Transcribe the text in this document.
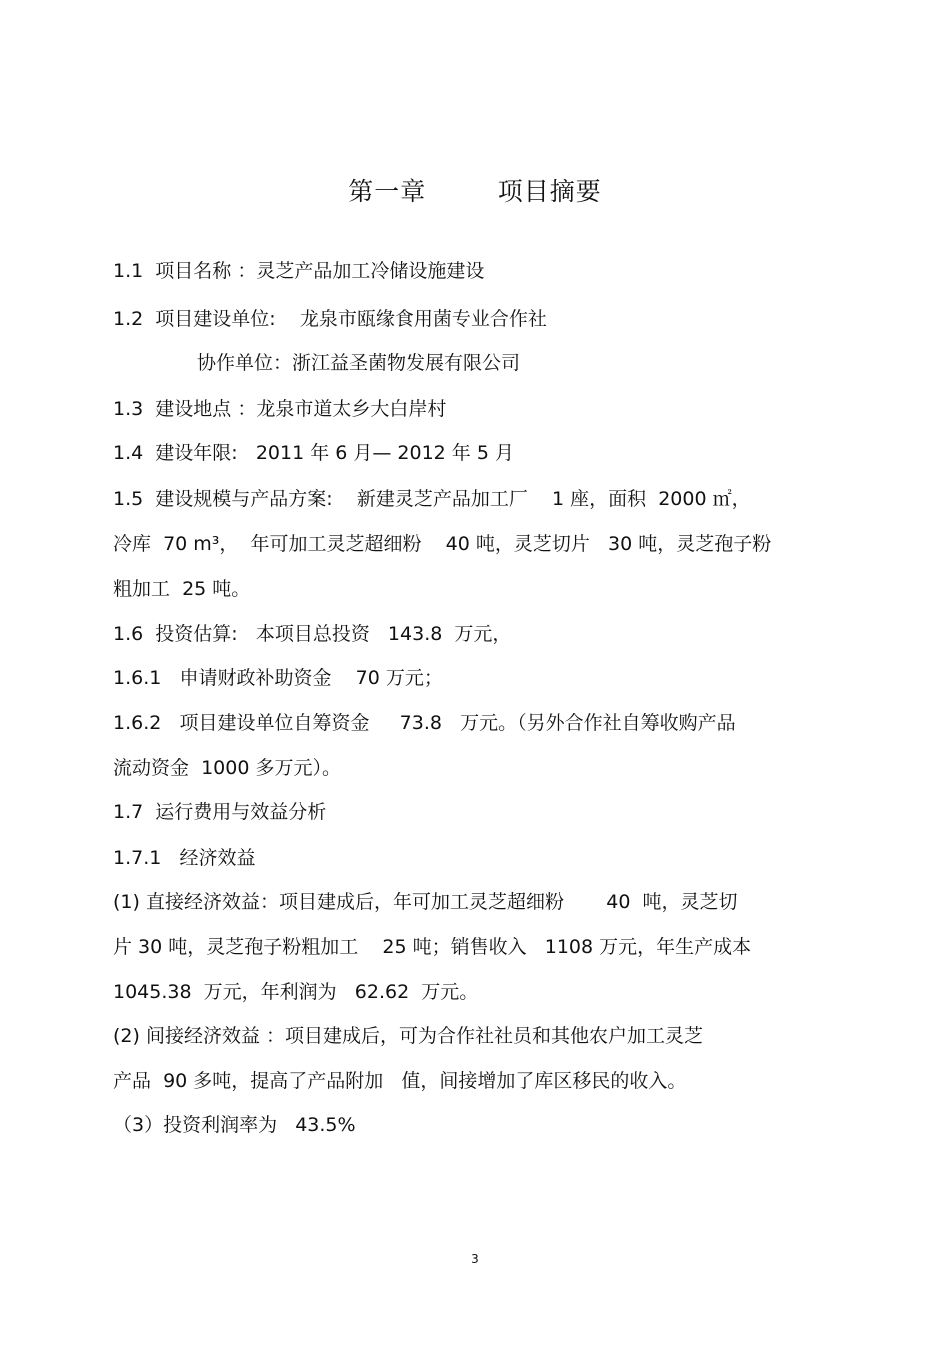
第一章        项目摘要
1.1  项目名称 ：灵芝产品加工冷储设施建设
1.2  项目建设单位:    龙泉市瓯缘食用菌专业合作社
协作单位：浙江益圣菌物发展有限公司
1.3  建设地点 ：龙泉市道太乡大白岸村
1.4  建设年限:   2011 年 6 月— 2012 年 5 月
1.5  建设规模与产品方案:    新建灵芝产品加工厂    1 座，面积  2000 ㎡，
冷库  70 m³，  年可加工灵芝超细粉    40 吨，灵芝切片   30 吨，灵芝孢子粉
粗加工  25 吨。
1.6  投资估算:   本项目总投资   143.8  万元，
1.6.1   申请财政补助资金    70 万元；
1.6.2   项目建设单位自筹资金     73.8   万元。（另外合作社自筹收购产品
流动资金  1000 多万元）。
1.7  运行费用与效益分析
1.7.1   经济效益
(1) 直接经济效益：项目建成后，年可加工灵芝超细粉       40  吨，灵芝切
片 30 吨，灵芝孢子粉粗加工    25 吨；销售收入   1108 万元，年生产成本
1045.38  万元，年利润为   62.62  万元。
(2) 间接经济效益 ：项目建成后，可为合作社社员和其他农户加工灵芝
产品  90 多吨，提高了产品附加   值，间接增加了库区移民的收入。
（3）投资利润率为   43.5%
3
